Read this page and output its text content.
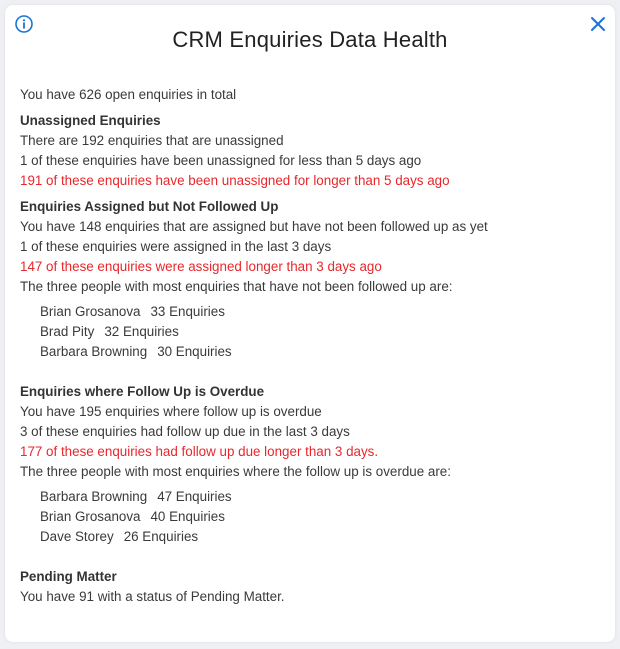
CRM Enquiries Data Health
You have 626 open enquiries in total
Unassigned Enquiries
There are 192 enquiries that are unassigned
1 of these enquiries have been unassigned for less than 5 days ago
191 of these enquiries have been unassigned for longer than 5 days ago
Enquiries Assigned but Not Followed Up
You have 148 enquiries that are assigned but have not been followed up as yet
1 of these enquiries were assigned in the last 3 days
147 of these enquiries were assigned longer than 3 days ago
The three people with most enquiries that have not been followed up are:
Brian Grosanova 33 Enquiries
Brad Pity 32 Enquiries
Barbara Browning 30 Enquiries
Enquiries where Follow Up is Overdue
You have 195 enquiries where follow up is overdue
3 of these enquiries had follow up due in the last 3 days
177 of these enquiries had follow up due longer than 3 days.
The three people with most enquiries where the follow up is overdue are:
Barbara Browning 47 Enquiries
Brian Grosanova 40 Enquiries
Dave Storey 26 Enquiries
Pending Matter
You have 91 with a status of Pending Matter.
